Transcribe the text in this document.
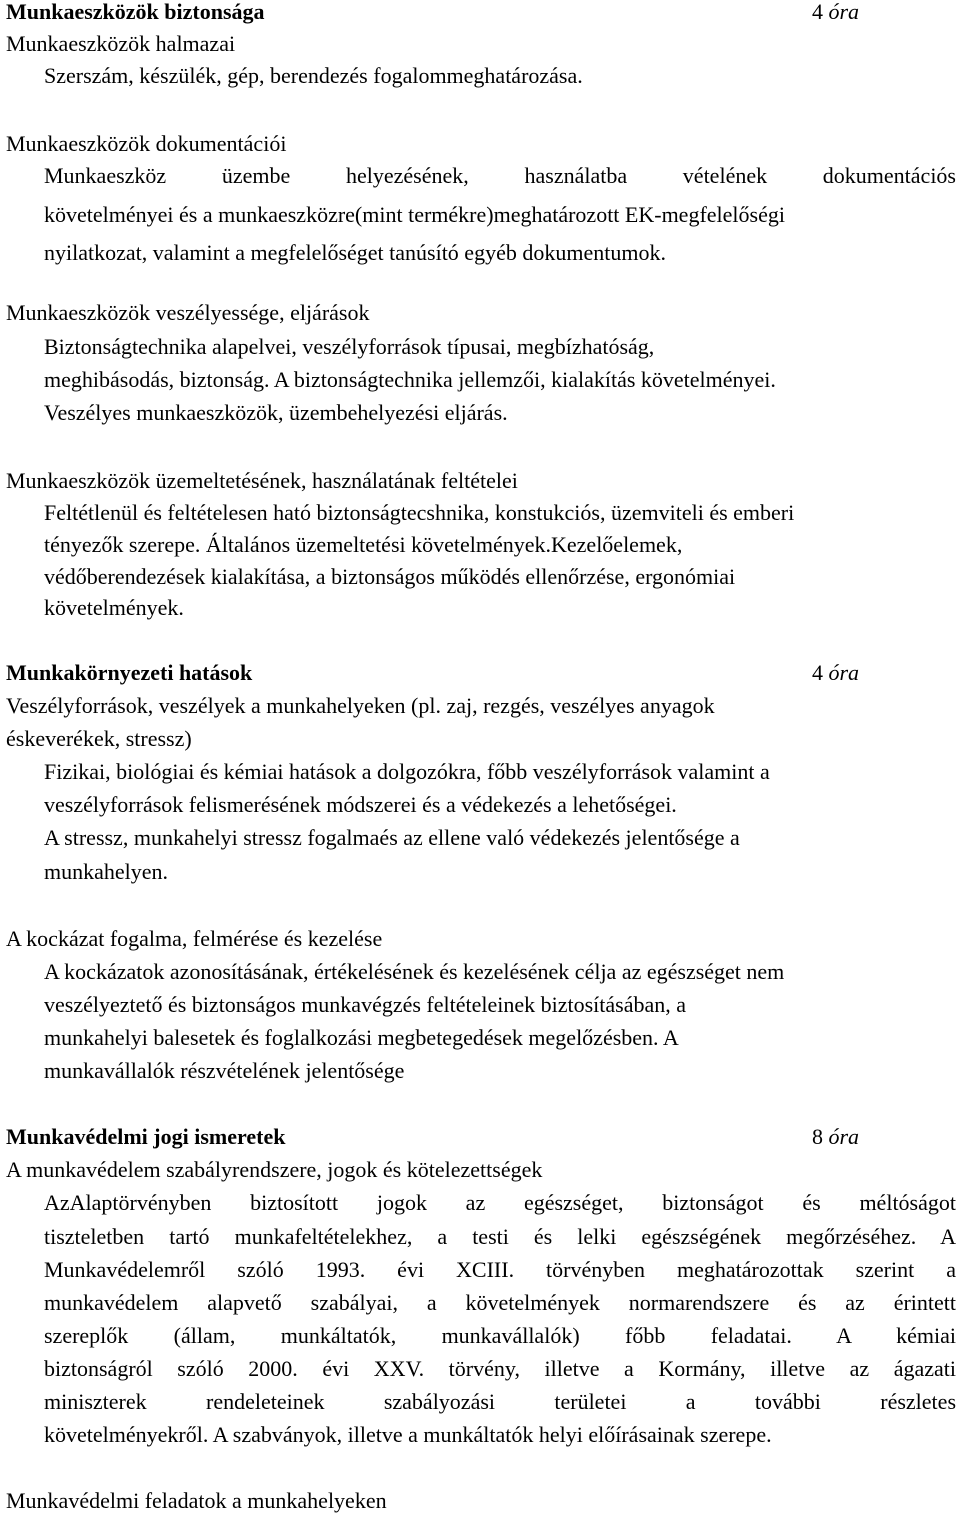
Munkaeszközök biztonsága	4 óra
Munkaeszközök halmazai
Szerszám, készülék, gép, berendezés fogalommeghatározása.
Munkaeszközök dokumentációi
Munkaeszköz üzembe helyezésének, használatba vételének dokumentációs
követelményei és a munkaeszközre(mint termékre)meghatározott EK-megfelelőségi
nyilatkozat, valamint a megfelelőséget tanúsító egyéb dokumentumok.
Munkaeszközök veszélyessége, eljárások
Biztonságtechnika alapelvei, veszélyforrások típusai, megbízhatóság,
meghibásodás, biztonság. A biztonságtechnika jellemzői, kialakítás követelményei.
Veszélyes munkaeszközök, üzembehelyezési eljárás.
Munkaeszközök üzemeltetésének, használatának feltételei
Feltétlenül és feltételesen ható biztonságtecshnika, konstukciós, üzemviteli és emberi
tényezők szerepe. Általános üzemeltetési követelmények.Kezelőelemek,
védőberendezések kialakítása, a biztonságos működés ellenőrzése, ergonómiai
követelmények.
Munkakörnyezeti hatások	4 óra
Veszélyforrások, veszélyek a munkahelyeken (pl. zaj, rezgés, veszélyes anyagok
éskeverékek, stressz)
Fizikai, biológiai és kémiai hatások a dolgozókra, főbb veszélyforrások valamint a
veszélyforrások felismerésének módszerei és a védekezés a lehetőségei.
A stressz, munkahelyi stressz fogalmaés az ellene való védekezés jelentősége a
munkahelyen.
A kockázat fogalma, felmérése és kezelése
A kockázatok azonosításának, értékelésének és kezelésének célja az egészséget nem
veszélyeztető és biztonságos munkavégzés feltételeinek biztosításában, a
munkahelyi balesetek és foglalkozási megbetegedések megelőzésben. A
munkavállalók részvételének jelentősége
Munkavédelmi jogi ismeretek	8 óra
A munkavédelem szabályrendszere, jogok és kötelezettségek
AzAlaptörvényben biztosított jogok az egészséget, biztonságot és méltóságot
tiszteletben tartó munkafeltételekhez, a testi és lelki egészségének megőrzéséhez. A
Munkavédelemről szóló 1993. évi XCIII. törvényben meghatározottak szerint a
munkavédelem alapvető szabályai, a követelmények normarendszere és az érintett
szereplők (állam, munkáltatók, munkavállalók) főbb feladatai. A kémiai
biztonságról szóló 2000. évi XXV. törvény, illetve a Kormány, illetve az ágazati
miniszterek rendeleteinek szabályozási területei a további részletes
követelményekről. A szabványok, illetve a munkáltatók helyi előírásainak szerepe.
Munkavédelmi feladatok a munkahelyeken
